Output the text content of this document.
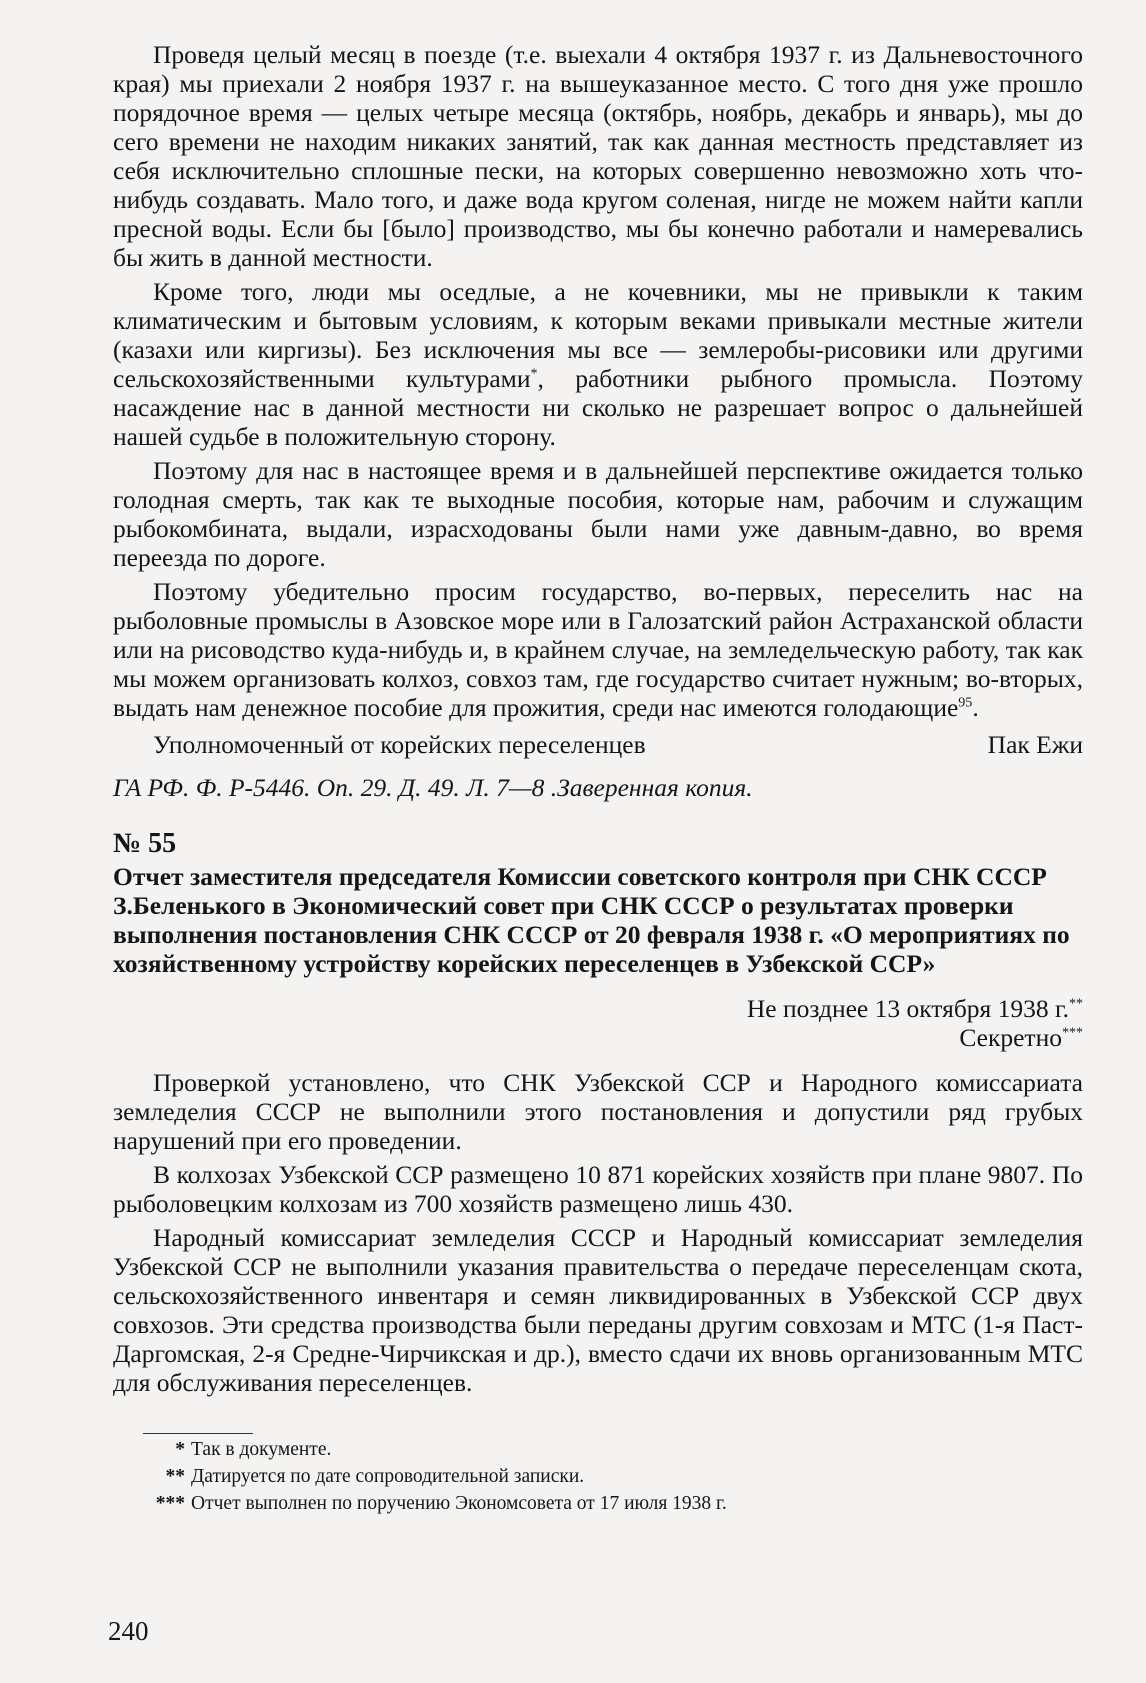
Проведя целый месяц в поезде (т.е. выехали 4 октября 1937 г. из Дальневосточного края) мы приехали 2 ноября 1937 г. на вышеуказанное место. С того дня уже прошло порядочное время — целых четыре месяца (октябрь, ноябрь, декабрь и январь), мы до сего времени не находим никаких занятий, так как данная местность представляет из себя исключительно сплошные пески, на которых совершенно невозможно хоть что-нибудь создавать. Мало того, и даже вода кругом соленая, нигде не можем найти капли пресной воды. Если бы [было] производство, мы бы конечно работали и намеревались бы жить в данной местности.

Кроме того, люди мы оседлые, а не кочевники, мы не привыкли к таким климатическим и бытовым условиям, к которым веками привыкали местные жители (казахи или киргизы). Без исключения мы все — землеробы-рисовики или другими сельскохозяйственными культурами*, работники рыбного промысла. Поэтому насаждение нас в данной местности ни сколько не разрешает вопрос о дальнейшей нашей судьбе в положительную сторону.

Поэтому для нас в настоящее время и в дальнейшей перспективе ожидается только голодная смерть, так как те выходные пособия, которые нам, рабочим и служащим рыбокомбината, выдали, израсходованы были нами уже давным-давно, во время переезда по дороге.

Поэтому убедительно просим государство, во-первых, переселить нас на рыболовные промыслы в Азовское море или в Галозатский район Астраханской области или на рисоводство куда-нибудь и, в крайнем случае, на земледельческую работу, так как мы можем организовать колхоз, совхоз там, где государство считает нужным; во-вторых, выдать нам денежное пособие для прожития, среди нас имеются голодающие$^{95}$.

Уполномоченный от корейских переселенцев	Пак Ежи
ГА РФ. Ф. Р-5446. Оп. 29. Д. 49. Л. 7—8 .Заверенная копия.
№ 55
Отчет заместителя председателя Комиссии советского контроля при СНК СССР З.Беленького в Экономический совет при СНК СССР о результатах проверки выполнения постановления СНК СССР от 20 февраля 1938 г. «О мероприятиях по хозяйственному устройству корейских переселенцев в Узбекской ССР»
Не позднее 13 октября 1938 г.**
Секретно***

Проверкой установлено, что СНК Узбекской ССР и Народного комиссариата земледелия СССР не выполнили этого постановления и допустили ряд грубых нарушений при его проведении.

В колхозах Узбекской ССР размещено 10 871 корейских хозяйств при плане 9807. По рыболовецким колхозам из 700 хозяйств размещено лишь 430.

Народный комиссариат земледелия СССР и Народный комиссариат земледелия Узбекской ССР не выполнили указания правительства о передаче переселенцам скота, сельскохозяйственного инвентаря и семян ликвидированных в Узбекской ССР двух совхозов. Эти средства производства были переданы другим совхозам и МТС (1-я Паст-Даргомская, 2-я Средне-Чирчикская и др.), вместо сдачи их вновь организованным МТС для обслуживания переселенцев.

* Так в документе.
** Датируется по дате сопроводительной записки.
*** Отчет выполнен по поручению Экономсовета от 17 июля 1938 г.
240
